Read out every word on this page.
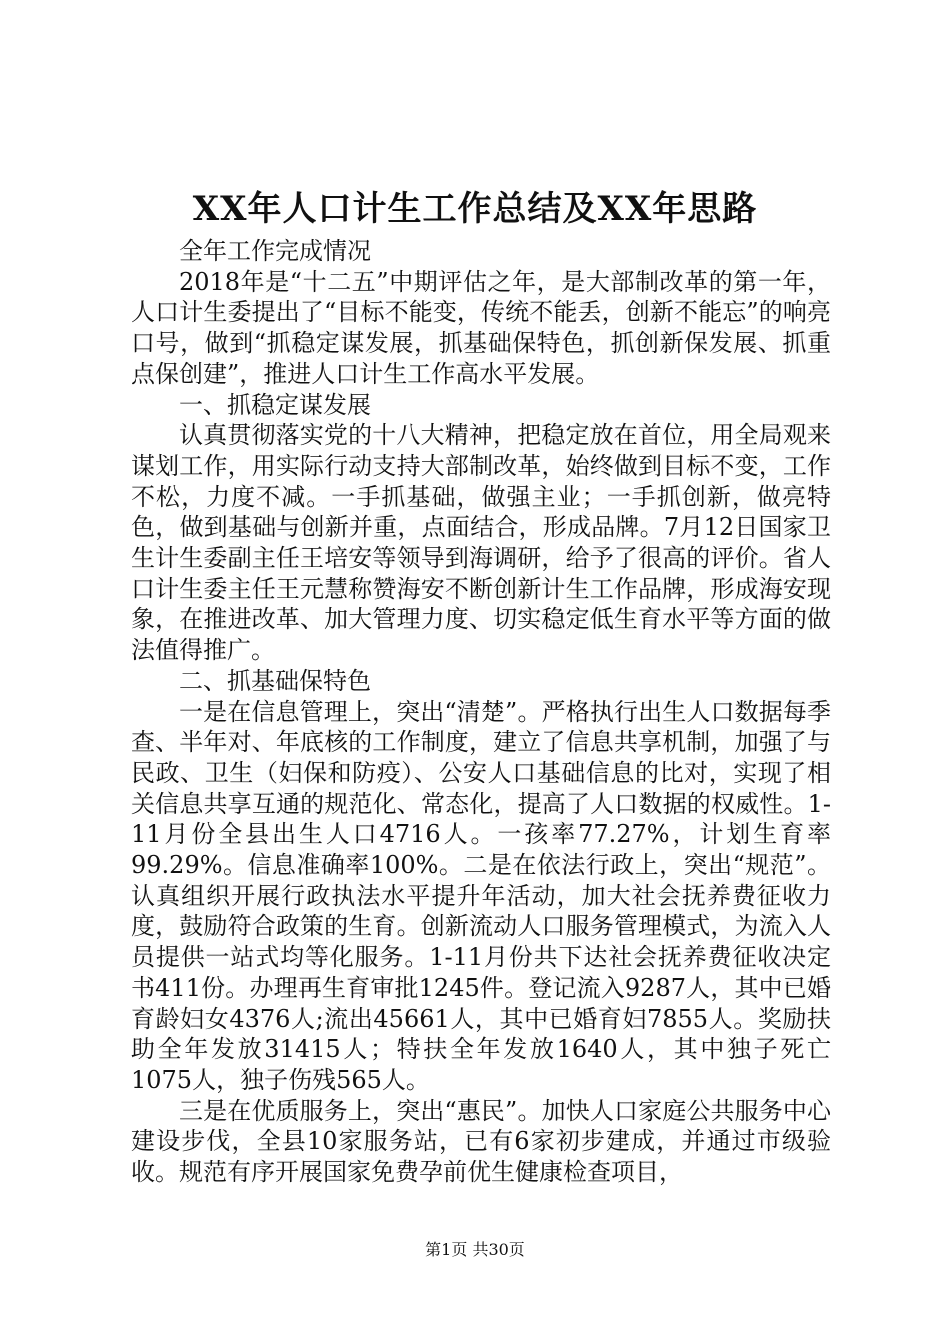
XX年人口计生工作总结及XX年思路

全年工作完成情况

2018年是“十二五”中期评估之年，是大部制改革的第一年，人口计生委提出了“目标不能变，传统不能丢，创新不能忘”的响亮口号，做到“抓稳定谋发展，抓基础保特色，抓创新保发展、抓重点保创建”，推进人口计生工作高水平发展。

一、抓稳定谋发展

认真贯彻落实党的十八大精神，把稳定放在首位，用全局观来谋划工作，用实际行动支持大部制改革，始终做到目标不变，工作不松，力度不减。一手抓基础，做强主业；一手抓创新，做亮特色，做到基础与创新并重，点面结合，形成品牌。7月12日国家卫生计生委副主任王培安等领导到海调研，给予了很高的评价。省人口计生委主任王元慧称赞海安不断创新计生工作品牌，形成海安现象，在推进改革、加大管理力度、切实稳定低生育水平等方面的做法值得推广。

二、抓基础保特色

一是在信息管理上，突出“清楚”。严格执行出生人口数据每季查、半年对、年底核的工作制度，建立了信息共享机制，加强了与民政、卫生（妇保和防疫）、公安人口基础信息的比对，实现了相关信息共享互通的规范化、常态化，提高了人口数据的权威性。1-11月份全县出生人口4716人。一孩率77.27%，计划生育率99.29%。信息准确率100%。二是在依法行政上，突出“规范”。认真组织开展行政执法水平提升年活动，加大社会抚养费征收力度，鼓励符合政策的生育。创新流动人口服务管理模式，为流入人员提供一站式均等化服务。1-11月份共下达社会抚养费征收决定书411份。办理再生育审批1245件。登记流入9287人，其中已婚育龄妇女4376人;流出45661人，其中已婚育妇7855人。奖励扶助全年发放31415人；特扶全年发放1640人，其中独子死亡1075人，独子伤残565人。

三是在优质服务上，突出“惠民”。加快人口家庭公共服务中心建设步伐，全县10家服务站，已有6家初步建成，并通过市级验收。规范有序开展国家免费孕前优生健康检查项目，

第1页 共30页
